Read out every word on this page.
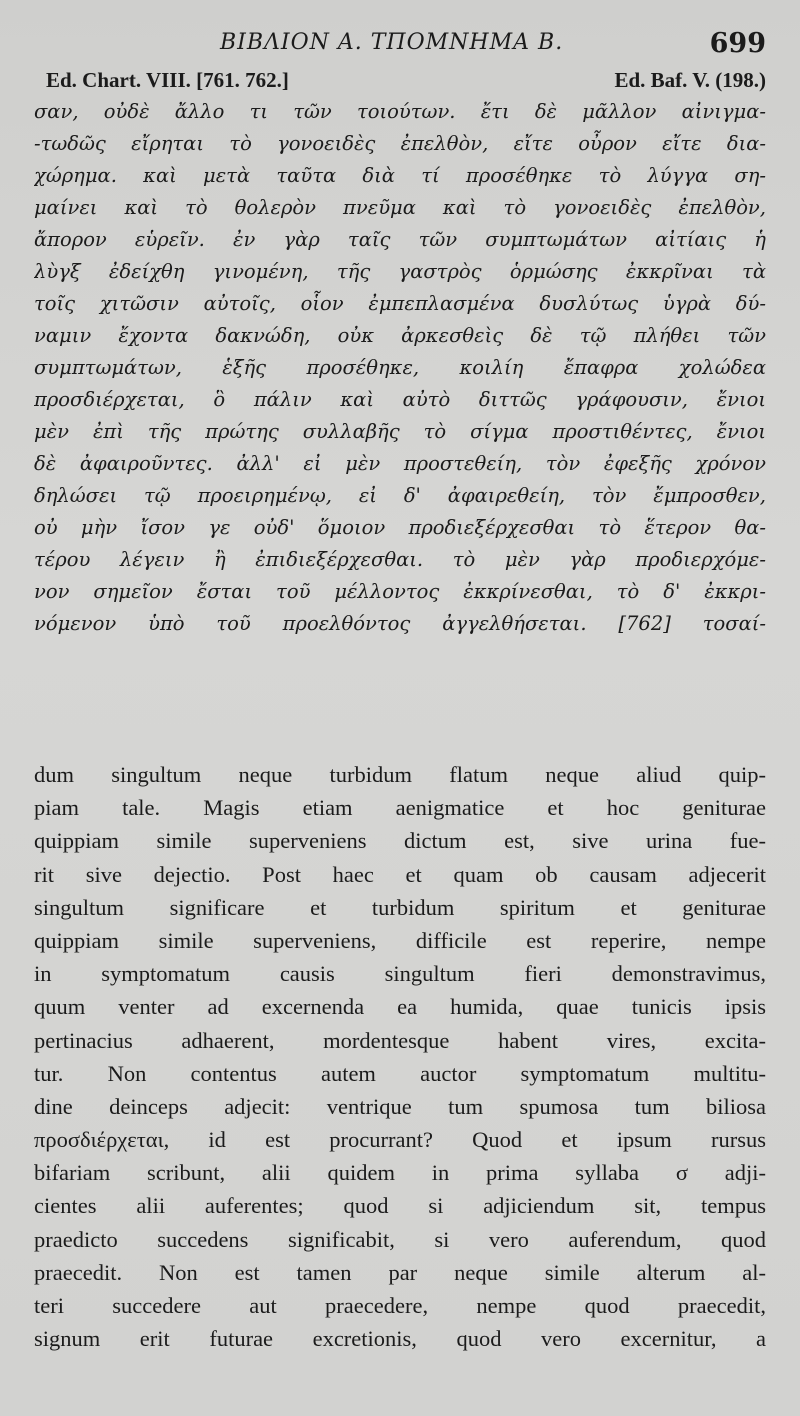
ΒΙΒΛΙΟΝ Α. ΤΠΟΜΝΗΜΑ Β.	699
Ed. Chart. VIII. [761. 762.]	Ed. Baf. V. (198.)
σαν, οὐδὲ ἄλλο τι τῶν τοιούτων. ἔτι δὲ μᾶλλον αἰνιγμα-
-τωδῶς εἴρηται τὸ γονοειδὲς ἐπελθὸν, εἴτε οὖρον εἴτε δια-
χώρημα. καὶ μετὰ ταῦτα διὰ τί προσέθηκε τὸ λύγγα ση-
μαίνει καὶ τὸ θολερὸν πνεῦμα καὶ τὸ γονοειδὲς ἐπελθὸν,
ἄπορον εὑρεῖν. ἐν γὰρ ταῖς τῶν συμπτωμάτων αἰτίαις ἡ
λὺγξ ἐδείχθη γινομένη, τῆς γαστρὸς ὁρμώσης ἐκκρῖναι τὰ
τοῖς χιτῶσιν αὐτοῖς, οἷον ἐμπεπλασμένα δυσλύτως ὑγρὰ δύ-
ναμιν ἔχοντα δακνώδη, οὐκ ἀρκεσθεὶς δὲ τῷ πλήθει τῶν
συμπτωμάτων, ἑξῆς προσέθηκε, κοιλίη ἔπαφρα χολώδεα
προσδιέρχεται, ὃ πάλιν καὶ αὐτὸ διττῶς γράφουσιν, ἔνιοι
μὲν ἐπὶ τῆς πρώτης συλλαβῆς τὸ σίγμα προστιθέντες, ἔνιοι
δὲ ἀφαιροῦντες. ἀλλ' εἰ μὲν προστεθείη, τὸν ἐφεξῆς χρόνον
δηλώσει τῷ προειρημένῳ, εἰ δ' ἀφαιρεθείη, τὸν ἔμπροσθεν,
οὐ μὴν ἴσον γε οὐδ' ὅμοιον προδιεξέρχεσθαι τὸ ἕτερον θα-
τέρου λέγειν ἢ ἐπιδιεξέρχεσθαι. τὸ μὲν γὰρ προδιερχόμε-
νον σημεῖον ἔσται τοῦ μέλλοντος ἐκκρίνεσθαι, τὸ δ' ἐκκρι-
νόμενον ὑπὸ τοῦ προελθόντος ἀγγελθήσεται. [762] τοσαί-
dum singultum neque turbidum flatum neque aliud quip-
piam tale. Magis etiam aenigmatice et hoc geniturae
quippiam simile superveniens dictum est, sive urina fue-
rit sive dejectio. Post haec et quam ob causam adjecerit
singultum significare et turbidum spiritum et geniturae
quippiam simile superveniens, difficile est reperire, nempe
in symptomatum causis singultum fieri demonstravimus,
quum venter ad excernenda ea humida, quae tunicis ipsis
pertinacius adhaerent, mordentesque habent vires, excita-
tur. Non contentus autem auctor symptomatum multitu-
dine deinceps adjecit: ventrique tum spumosa tum biliosa
προσδιέρχεται, id est procurrant? Quod et ipsum rursus
bifariam scribunt, alii quidem in prima syllaba σ adji-
cientes alii auferentes; quod si adjiciendum sit, tempus
praedicto succedens significabit, si vero auferendum, quod
praecedit. Non est tamen par neque simile alterum al-
teri succedere aut praecedere, nempe quod praecedit,
signum erit futurae excretionis, quod vero excernitur, a
